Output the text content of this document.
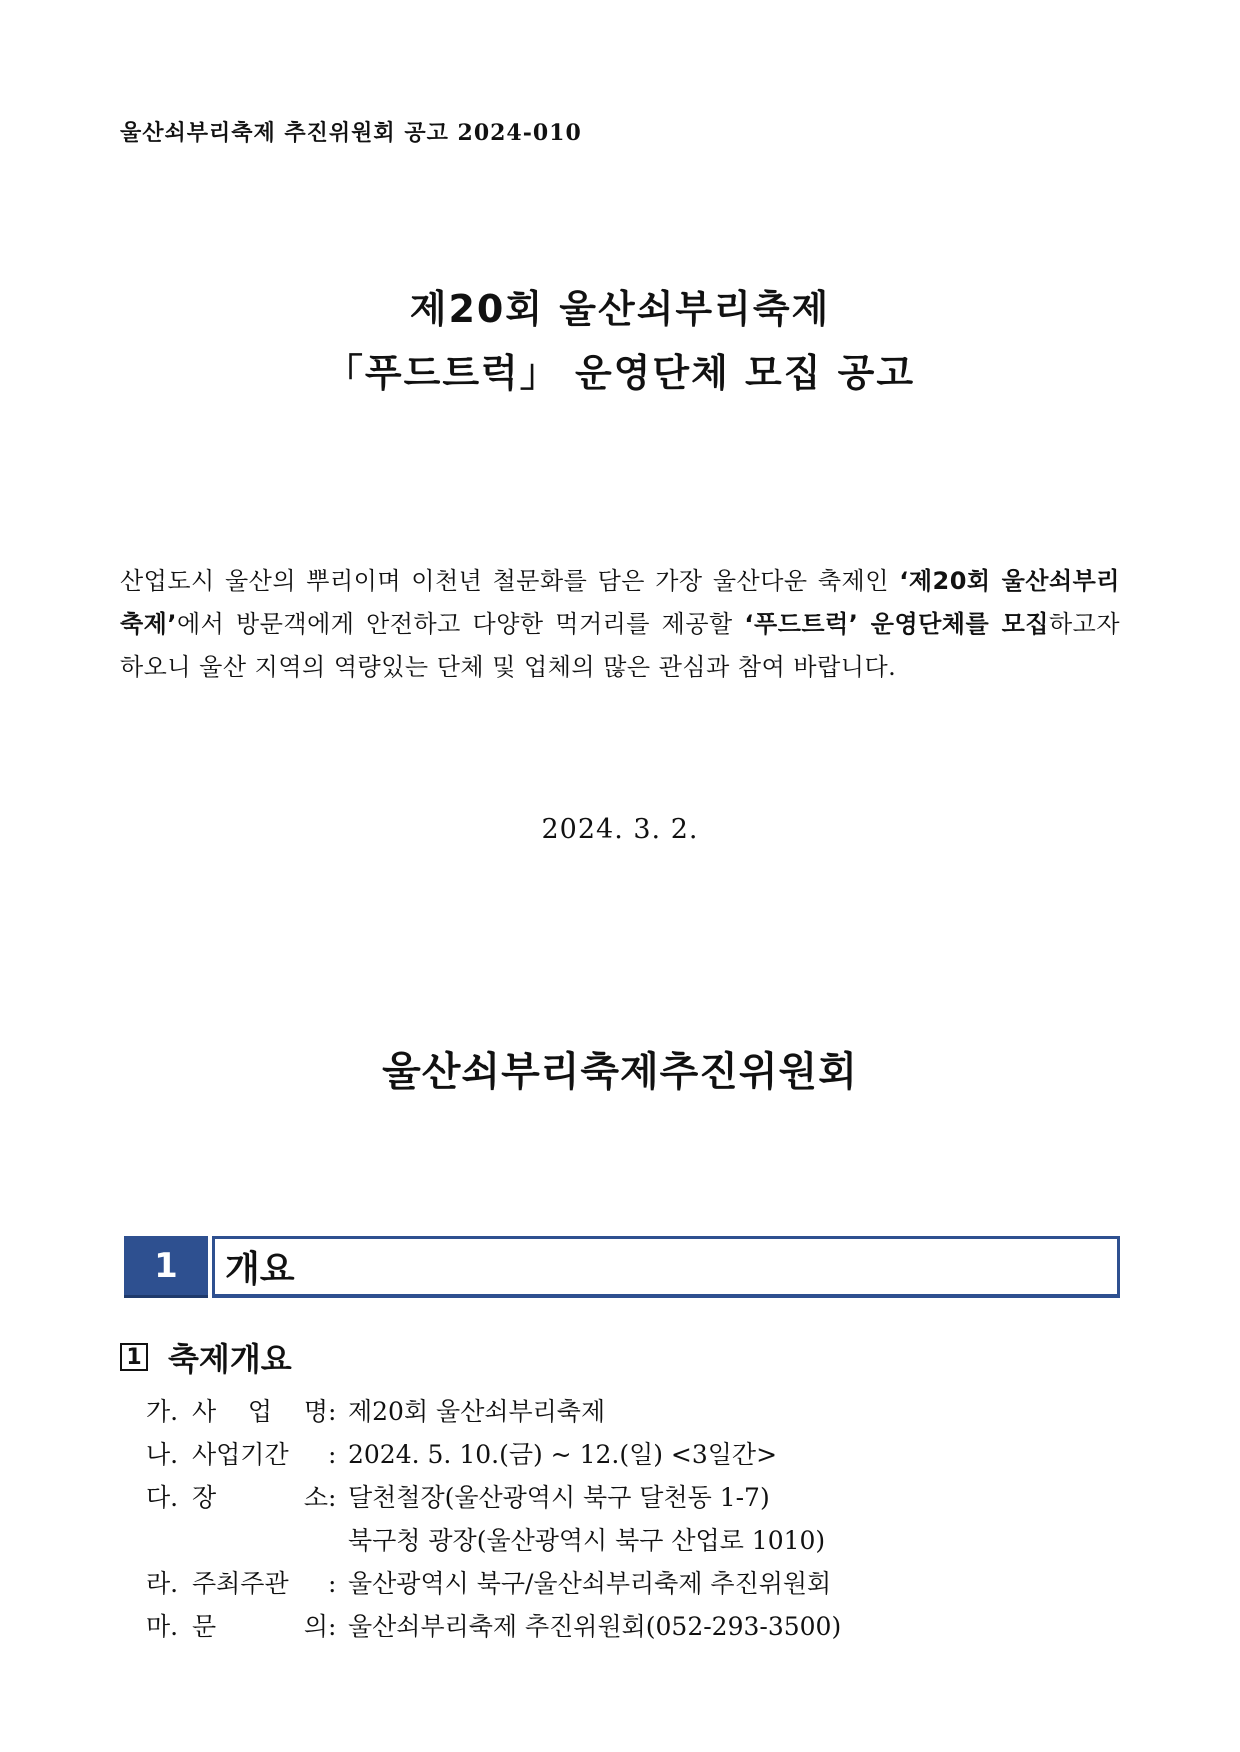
울산쇠부리축제 추진위원회 공고 2024-010
제20회 울산쇠부리축제
「푸드트럭」 운영단체 모집 공고

산업도시 울산의 뿌리이며 이천년 철문화를 담은 가장 울산다운 축제인 ‘제20회 울산쇠부리축제’에서 방문객에게 안전하고 다양한 먹거리를 제공할 ‘푸드트럭’ 운영단체를 모집하고자 하오니 울산 지역의 역량있는 단체 및 업체의 많은 관심과 참여 바랍니다.

2024. 3. 2.
울산쇠부리축제추진위원회
1	개요
1 축제개요
가. 사 업 명 : 제20회 울산쇠부리축제
나. 사업기간 : 2024. 5. 10.(금) ~ 12.(일) <3일간>
다. 장	소 : 달천철장(울산광역시 북구 달천동 1-7)
북구청 광장(울산광역시 북구 산업로 1010)
라. 주최주관 : 울산광역시 북구/울산쇠부리축제 추진위원회
마. 문	의 : 울산쇠부리축제 추진위원회(052-293-3500)
